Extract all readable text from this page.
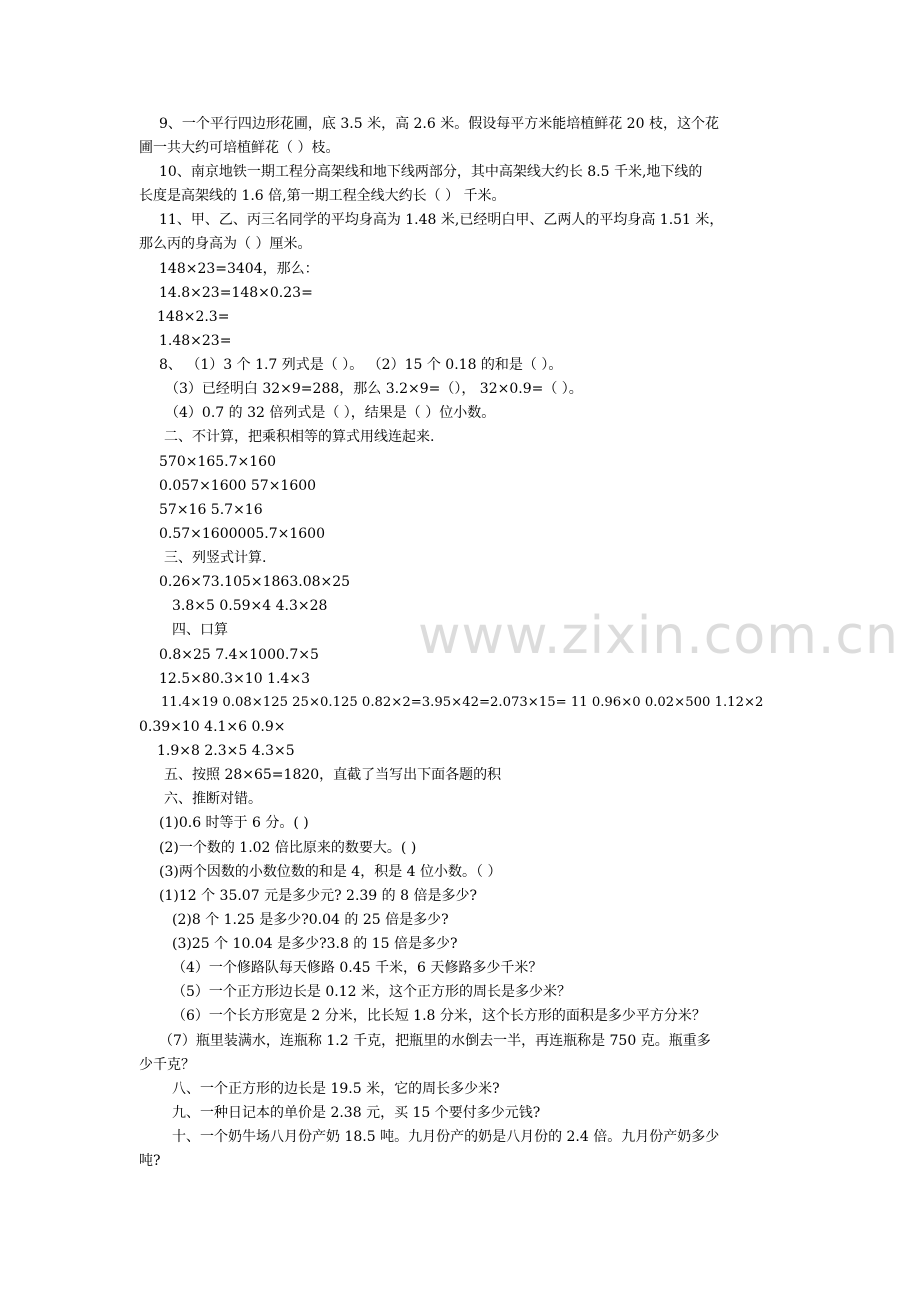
9、一个平行四边形花圃，底 3.5 米，高 2.6 米。假设每平方米能培植鲜花 20 枝，这个花
圃一共大约可培植鲜花（ ）枝。
10、南京地铁一期工程分高架线和地下线两部分，其中高架线大约长 8.5 千米,地下线的
长度是高架线的 1.6 倍,第一期工程全线大约长（ ） 千米。
11、甲、乙、丙三名同学的平均身高为 1.48 米,已经明白甲、乙两人的平均身高 1.51 米，
那么丙的身高为（ ）厘米。
148×23=3404，那么：
14.8×23=148×0.23=
148×2.3=
1.48×23=
8、 （1）3 个 1.7 列式是（ ）。 （2）15 个 0.18 的和是（ ）。
（3）已经明白 32×9=288，那么 3.2×9=（）， 32×0.9=（ ）。
（4）0.7 的 32 倍列式是（ ），结果是（ ）位小数。
二、不计算，把乘积相等的算式用线连起来.
570×165.7×160
0.057×1600 57×1600
57×16 5.7×16
0.57×1600005.7×1600
三、列竖式计算.
0.26×73.105×1863.08×25
3.8×5 0.59×4 4.3×28
四、口算
0.8×25 7.4×1000.7×5
12.5×80.3×10 1.4×3
11.4×19 0.08×125 25×0.125 0.82×2=3.95×42=2.073×15= 11 0.96×0 0.02×500 1.12×2
0.39×10 4.1×6 0.9×
1.9×8 2.3×5 4.3×5
五、按照 28×65=1820，直截了当写出下面各题的积
六、推断对错。
(1)0.6 时等于 6 分。( )
(2)一个数的 1.02 倍比原来的数要大。( )
(3)两个因数的小数位数的和是 4，积是 4 位小数。（ ）
(1)12 个 35.07 元是多少元? 2.39 的 8 倍是多少?
(2)8 个 1.25 是多少?0.04 的 25 倍是多少?
(3)25 个 10.04 是多少?3.8 的 15 倍是多少?
（4）一个修路队每天修路 0.45 千米，6 天修路多少千米？
（5）一个正方形边长是 0.12 米，这个正方形的周长是多少米？
（6）一个长方形宽是 2 分米，比长短 1.8 分米，这个长方形的面积是多少平方分米？
（7）瓶里装满水，连瓶称 1.2 千克，把瓶里的水倒去一半，再连瓶称是 750 克。瓶重多
少千克？
八、一个正方形的边长是 19.5 米，它的周长多少米?
九、一种日记本的单价是 2.38 元，买 15 个要付多少元钱?
十、一个奶牛场八月份产奶 18.5 吨。九月份产的奶是八月份的 2.4 倍。九月份产奶多少
吨?
www.zixin.com.cn
